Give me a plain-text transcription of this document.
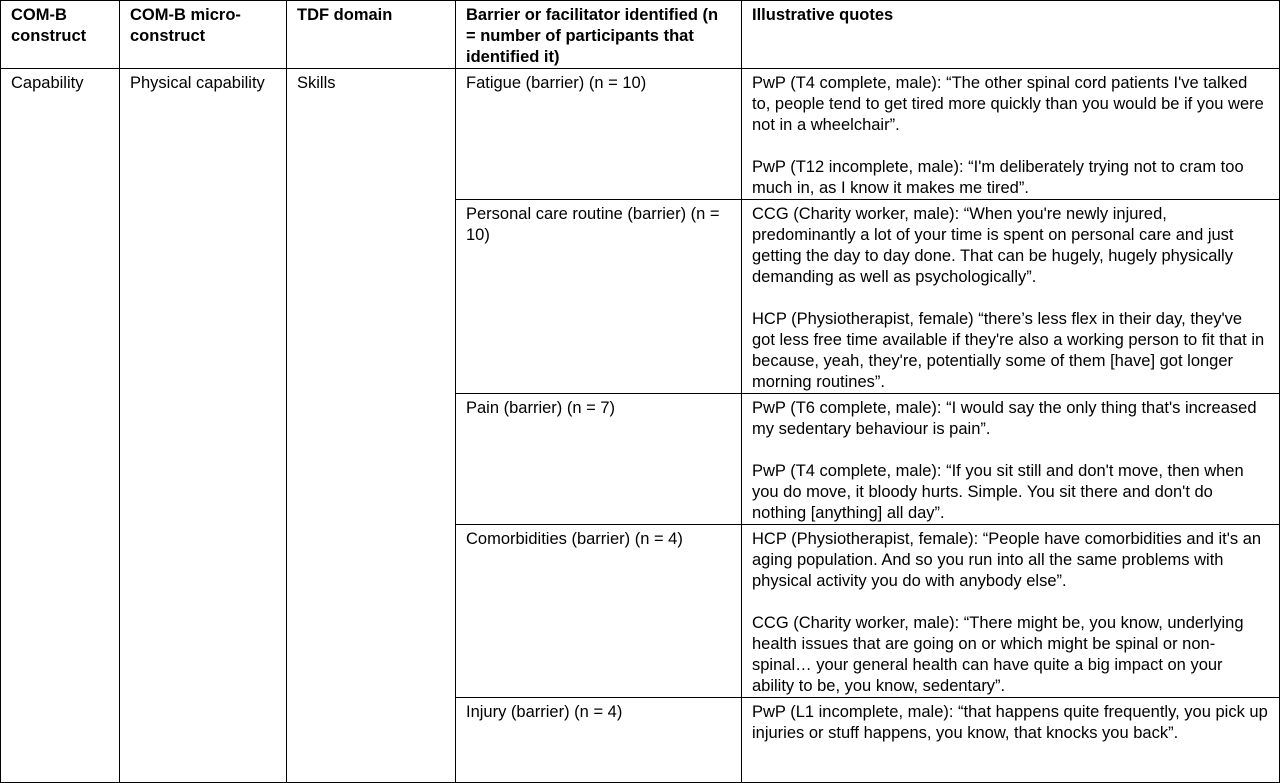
COM-B construct	COM-B micro-construct	TDF domain	Barrier or facilitator identified (n = number of participants that identified it)	Illustrative quotes
Capability	Physical capability	Skills	Fatigue (barrier) (n = 10)	PwP (T4 complete, male): “The other spinal cord patients I've talked to, people tend to get tired more quickly than you would be if you were not in a wheelchair”.

PwP (T12 incomplete, male): “I'm deliberately trying not to cram too much in, as I know it makes me tired”.

			Personal care routine (barrier) (n = 10)	CCG (Charity worker, male): “When you're newly injured, predominantly a lot of your time is spent on personal care and just getting the day to day done. That can be hugely, hugely physically demanding as well as psychologically”.

HCP (Physiotherapist, female) “there’s less flex in their day, they've got less free time available if they're also a working person to fit that in because, yeah, they're, potentially some of them [have] got longer morning routines”.

			Pain (barrier) (n = 7)	PwP (T6 complete, male): “I would say the only thing that's increased my sedentary behaviour is pain”.

PwP (T4 complete, male): “If you sit still and don't move, then when you do move, it bloody hurts. Simple. You sit there and don't do nothing [anything] all day”.

			Comorbidities (barrier) (n = 4)	HCP (Physiotherapist, female): “People have comorbidities and it's an aging population. And so you run into all the same problems with physical activity you do with anybody else”.

CCG (Charity worker, male): “There might be, you know, underlying health issues that are going on or which might be spinal or non- spinal… your general health can have quite a big impact on your ability to be, you know, sedentary”.

			Injury (barrier) (n = 4)	PwP (L1 incomplete, male): “that happens quite frequently, you pick up injuries or stuff happens, you know, that knocks you back”.
